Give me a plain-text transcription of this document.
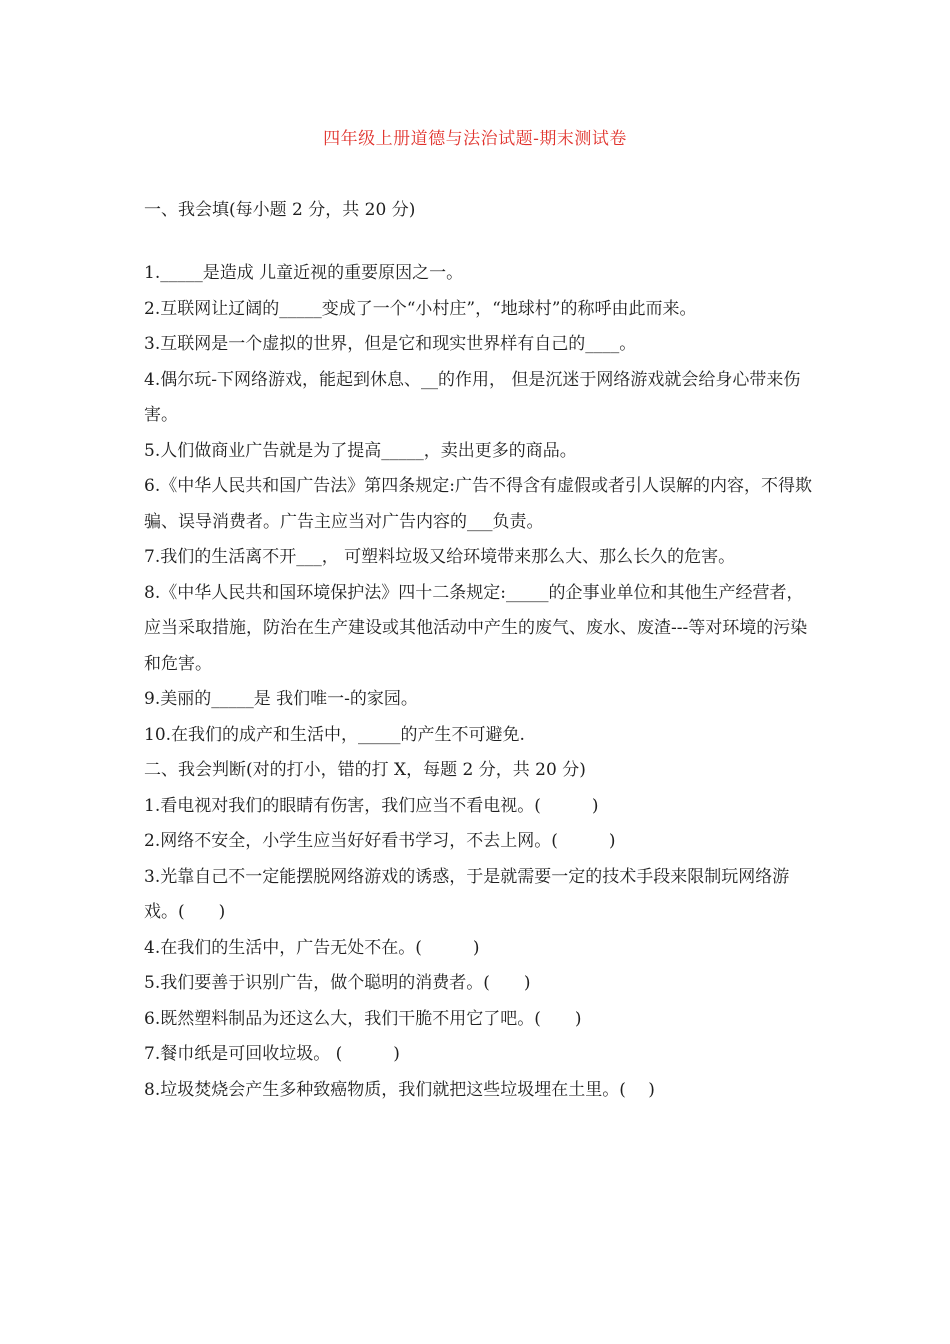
四年级上册道德与法治试题-期末测试卷
一、我会填(每小题 2 分，共 20 分)
1._____是造成 儿童近视的重要原因之一。
2.互联网让辽阔的_____变成了一个“小村庄”，“地球村”的称呼由此而来。
3.互联网是一个虚拟的世界，但是它和现实世界样有自己的____。
4.偶尔玩-下网络游戏，能起到休息、__的作用， 但是沉迷于网络游戏就会给身心带来伤害。
5.人们做商业广告就是为了提高_____，卖出更多的商品。
6.《中华人民共和国广告法》第四条规定:广告不得含有虚假或者引人误解的内容，不得欺骗、误导消费者。广告主应当对广告内容的___负责。
7.我们的生活离不开___， 可塑料垃圾又给环境带来那么大、那么长久的危害。
8.《中华人民共和国环境保护法》四十二条规定:_____的企事业单位和其他生产经营者，应当采取措施，防治在生产建设或其他活动中产生的废气、废水、废渣---等对环境的污染和危害。
9.美丽的_____是 我们唯一-的家园。
10.在我们的成产和生活中，_____的产生不可避免.

二、我会判断(对的打小，错的打 X，每题 2 分，共 20 分)

1.看电视对我们的眼睛有伤害，我们应当不看电视。(　　　)
2.网络不安全，小学生应当好好看书学习，不去上网。(　　　)
3.光靠自己不一定能摆脱网络游戏的诱惑，于是就需要一定的技术手段来限制玩网络游戏。(　　)
4.在我们的生活中，广告无处不在。(　　　)
5.我们要善于识别广告，做个聪明的消费者。(　　)
6.既然塑料制品为还这么大，我们干脆不用它了吧。(　　)
7.餐巾纸是可回收垃圾。 (　　　)
8.垃圾焚烧会产生多种致癌物质，我们就把这些垃圾埋在土里。(　 )
